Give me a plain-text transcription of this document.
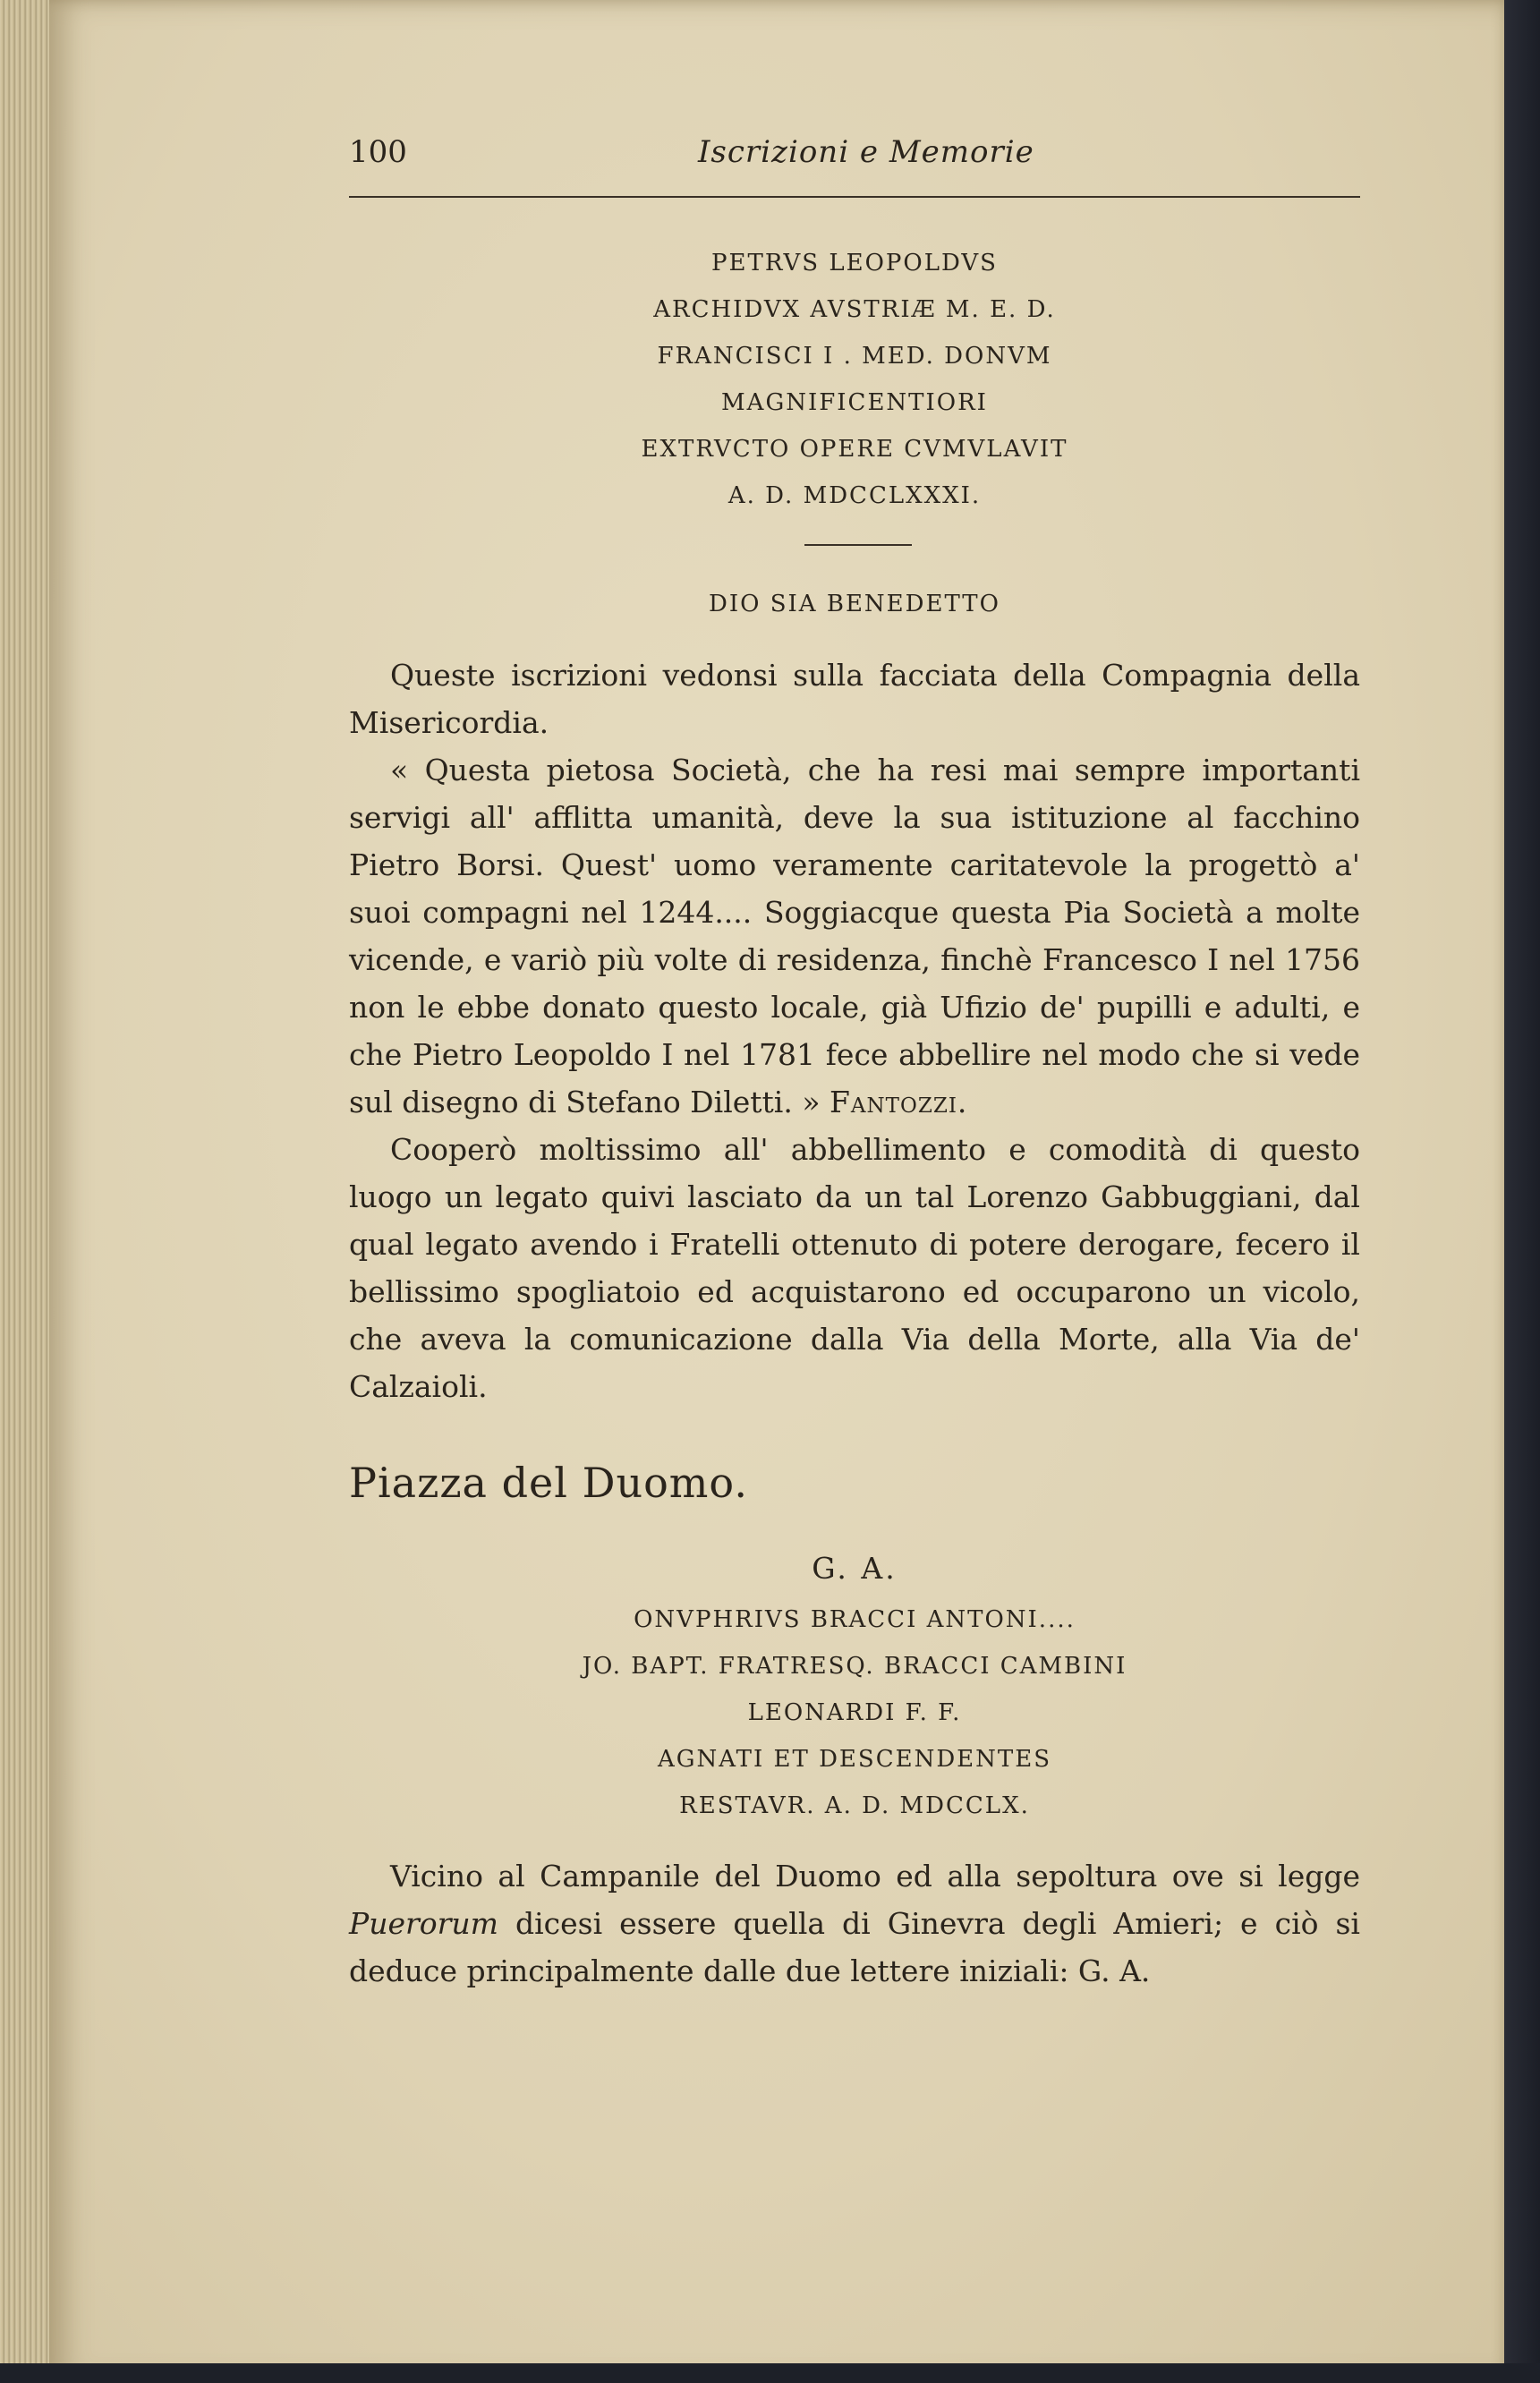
100	Iscrizioni e Memorie
PETRVS LEOPOLDVS
ARCHIDVX AVSTRIÆ M. E. D.
FRANCISCI I . MED. DONVM
MAGNIFICENTIORI
EXTRVCTO OPERE CVMVLAVIT
A. D. MDCCLXXXI.
DIO SIA BENEDETTO

Queste iscrizioni vedonsi sulla facciata della Compagnia della Misericordia.

« Questa pietosa Società, che ha resi mai sempre importanti servigi all' afflitta umanità, deve la sua istituzione al facchino Pietro Borsi. Quest' uomo veramente caritatevole la progettò a' suoi compagni nel 1244.... Soggiacque questa Pia Società a molte vicende, e variò più volte di residenza, finchè Francesco I nel 1756 non le ebbe donato questo locale, già Ufizio de' pupilli e adulti, e che Pietro Leopoldo I nel 1781 fece abbellire nel modo che si vede sul disegno di Stefano Diletti. » Fantozzi.

Cooperò moltissimo all' abbellimento e comodità di questo luogo un legato quivi lasciato da un tal Lorenzo Gabbuggiani, dal qual legato avendo i Fratelli ottenuto di potere derogare, fecero il bellissimo spogliatoio ed acquistarono ed occuparono un vicolo, che aveva la comunicazione dalla Via della Morte, alla Via de' Calzaioli.

Piazza del Duomo.
G. A.
ONVPHRIVS BRACCI ANTONI....
JO. BAPT. FRATRESQ. BRACCI CAMBINI
LEONARDI F. F.
AGNATI ET DESCENDENTES
RESTAVR. A. D. MDCCLX.

Vicino al Campanile del Duomo ed alla sepoltura ove si legge Puerorum dicesi essere quella di Ginevra degli Amieri; e ciò si deduce principalmente dalle due lettere iniziali: G. A.
